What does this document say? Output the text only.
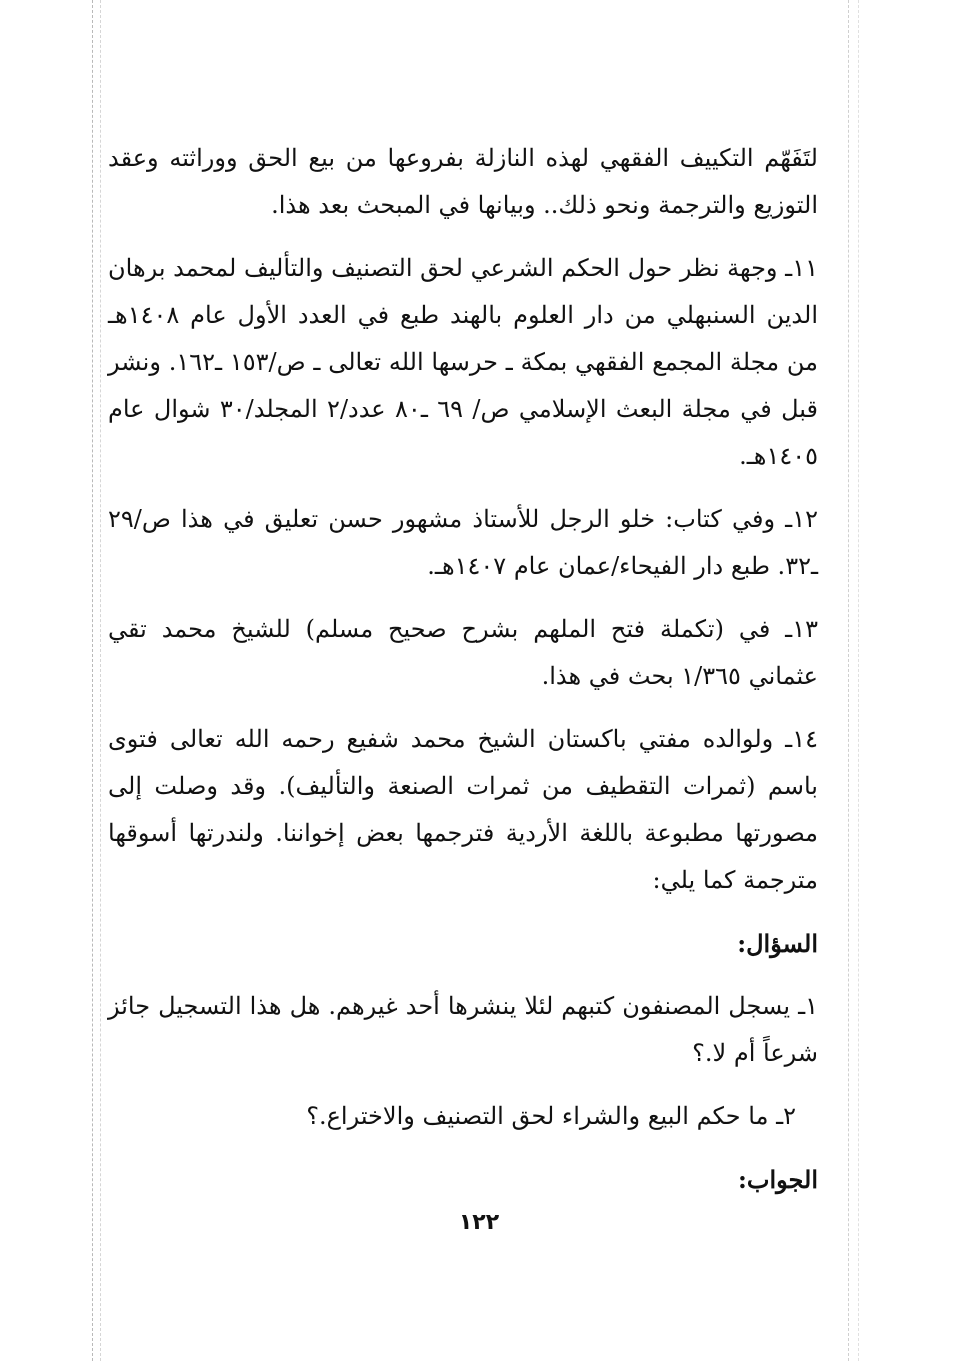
لتَفَهّم التكييف الفقهي لهذه النازلة بفروعها من بيع الحق ووراثته وعقد التوزيع والترجمة ونحو ذلك.. وبيانها في المبحث بعد هذا.

١١ـ وجهة نظر حول الحكم الشرعي لحق التصنيف والتأليف لمحمد برهان الدين السنبهلي من دار العلوم بالهند طبع في العدد الأول عام ١٤٠٨هـ من مجلة المجمع الفقهي بمكة ـ حرسها الله تعالى ـ ص/١٥٣ ـ١٦٢. ونشر قبل في مجلة البعث الإسلامي ص/ ٦٩ ـ٨٠ عدد/٢ المجلد/٣٠ شوال عام ١٤٠٥هـ.

١٢ـ وفي كتاب: خلو الرجل للأستاذ مشهور حسن تعليق في هذا ص/٢٩ ـ٣٢. طبع دار الفيحاء/عمان عام ١٤٠٧هـ.

١٣ـ في (تكملة فتح الملهم بشرح صحيح مسلم) للشيخ محمد تقي عثماني ١/٣٦٥ بحث في هذا.

١٤ـ ولوالده مفتي باكستان الشيخ محمد شفيع رحمه الله تعالى فتوى باسم (ثمرات التقطيف من ثمرات الصنعة والتأليف). وقد وصلت إلى مصورتها مطبوعة باللغة الأردية فترجمها بعض إخواننا. ولندرتها أسوقها مترجمة كما يلي:

السؤال:

١ـ يسجل المصنفون كتبهم لئلا ينشرها أحد غيرهم. هل هذا التسجيل جائز شرعاً أم لا.؟

٢ـ ما حكم البيع والشراء لحق التصنيف والاختراع.؟

الجواب:

١٢٢
